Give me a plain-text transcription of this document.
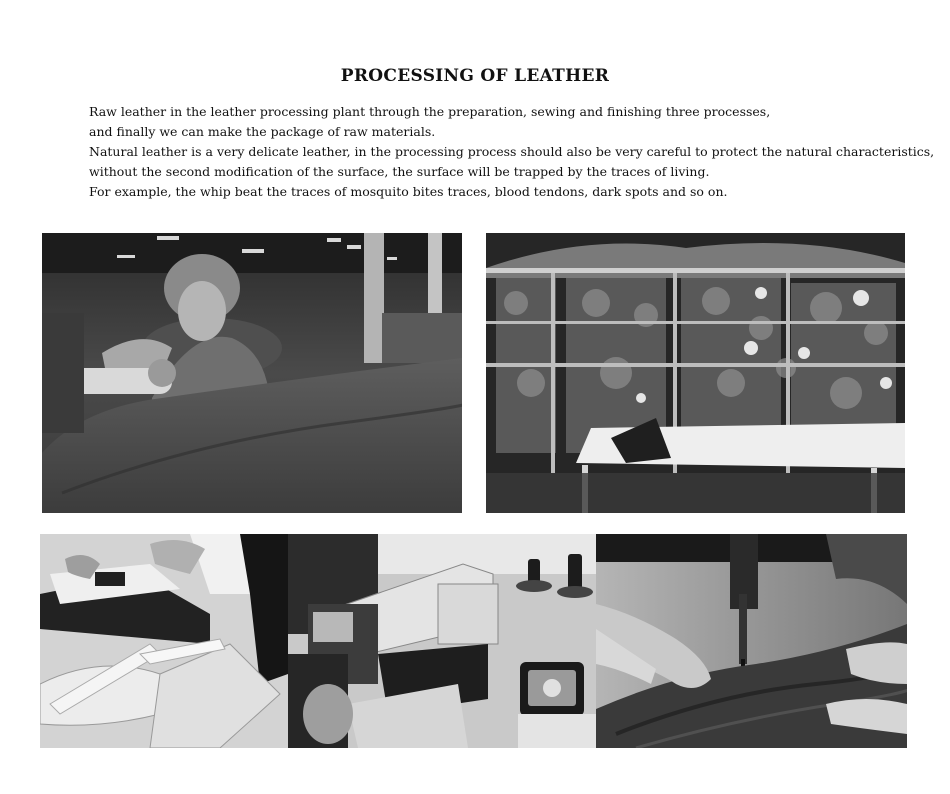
PROCESSING OF LEATHER
Raw leather in the leather processing plant through the preparation, sewing and finishing three processes,
and finally we can make the package of raw materials.
Natural leather is a very delicate leather, in the processing process should also be very careful to protect the natural characteristics,
without the second modification of the surface, the surface will be trapped by the traces of living.
For example, the whip beat the traces of mosquito bites traces, blood tendons, dark spots and so on.
